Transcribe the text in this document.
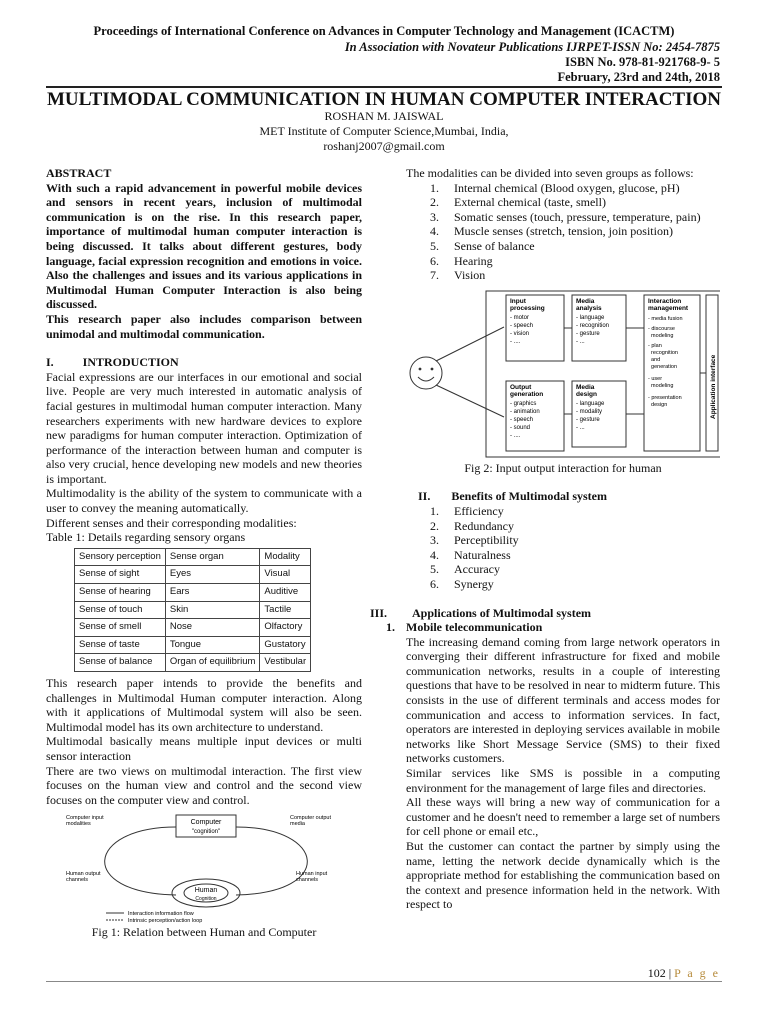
Proceedings of International Conference on Advances in Computer Technology and Management (ICACTM)
In Association with Novateur Publications IJRPET-ISSN No: 2454-7875
ISBN No. 978-81-921768-9- 5
February, 23rd and 24th, 2018
MULTIMODAL COMMUNICATION IN HUMAN COMPUTER INTERACTION
ROSHAN M. JAISWAL
MET Institute of Computer Science,Mumbai, India,
roshanj2007@gmail.com

ABSTRACT

With such a rapid advancement in powerful mobile devices and sensors in recent years, inclusion of multimodal communication is on the rise. In this research paper, importance of multimodal human computer interaction is being discussed. It talks about different gestures, body language, facial expression recognition and emotions in voice. Also the challenges and issues and its various applications in Multimodal Human Computer Interaction is also being discussed.

This research paper also includes comparison between unimodal and multimodal communication.

I. INTRODUCTION

Facial expressions are our interfaces in our emotional and social live. People are very much interested in automatic analysis of facial gestures in multimodal human computer interaction. Many researchers experiments with new hardware devices to explore new paradigms for human computer interaction. Optimization of performance of the interaction between human and computer is also very crucial, hence developing new models and new theories is important.

Multimodality is the ability of the system to communicate with a user to convey the meaning automatically.

Different senses and their corresponding modalities:

Table 1: Details regarding sensory organs

Sensory perception	Sense organ	Modality
Sense of sight	Eyes	Visual
Sense of hearing	Ears	Auditive
Sense of touch	Skin	Tactile
Sense of smell	Nose	Olfactory
Sense of taste	Tongue	Gustatory
Sense of balance	Organ of equilibrium	Vestibular

This research paper intends to provide the benefits and challenges in Multimodal Human computer interaction. Along with it applications of Multimodal system will also be seen. Multimodal model has its own architecture to understand.

Multimodal basically means multiple input devices or multi sensor interaction

There are two views on multimodal interaction. The first view focuses on the human view and control and the second view focuses on the computer view and control.

Computer
"cognition"
Human
Cognition
Computer input
modalities
Computer output
media
Human output
channels
Human input
channels
Interaction information flow
Intrinsic perception/action loop

Fig 1: Relation between Human and Computer

The modalities can be divided into seven groups as follows:

1. Internal chemical (Blood oxygen, glucose, pH)
2. External chemical (taste, smell)
3. Somatic senses (touch, pressure, temperature, pain)
4. Muscle senses (stretch, tension, join position)
5. Sense of balance
6. Hearing
7. Vision
Input
processing
- motor
- speech
- vision
- ....
Media
analysis
- language
- recognition
- gesture
- ...
Interaction
management
- media fusion
- discourse
modeling
- plan
recognition
and
generation
- user
modeling
- presentation
design
Output
generation
- graphics
- animation
- speech
- sound
- ....
Media
design
- language
- modality
- gesture
- ...
Application interface

Fig 2: Input output interaction for human

II. Benefits of Multimodal system

1. Efficiency
2. Redundancy
3. Perceptibility
4. Naturalness
5. Accuracy
6. Synergy

III. Applications of Multimodal system

1. Mobile telecommunication

The increasing demand coming from large network operators in converging their different infrastructure for fixed and mobile communication networks, results in a couple of interesting questions that have to be resolved in near to midterm future. This consists in the use of different terminals and access modes for communication and access to information services. In fact, operators are interested in deploying services available in mobile networks like Short Message Service (SMS) to their fixed networks customers.

Similar services like SMS is possible in a computing environment for the management of large files and directories.

All these ways will bring a new way of communication for a customer and he doesn't need to remember a large set of numbers for cell phone or email etc.,

But the customer can contact the partner by simply using the name, letting the network decide dynamically which is the appropriate method for establishing the communication based on the context and presence information held in the network. With respect to

102 | P a g e
